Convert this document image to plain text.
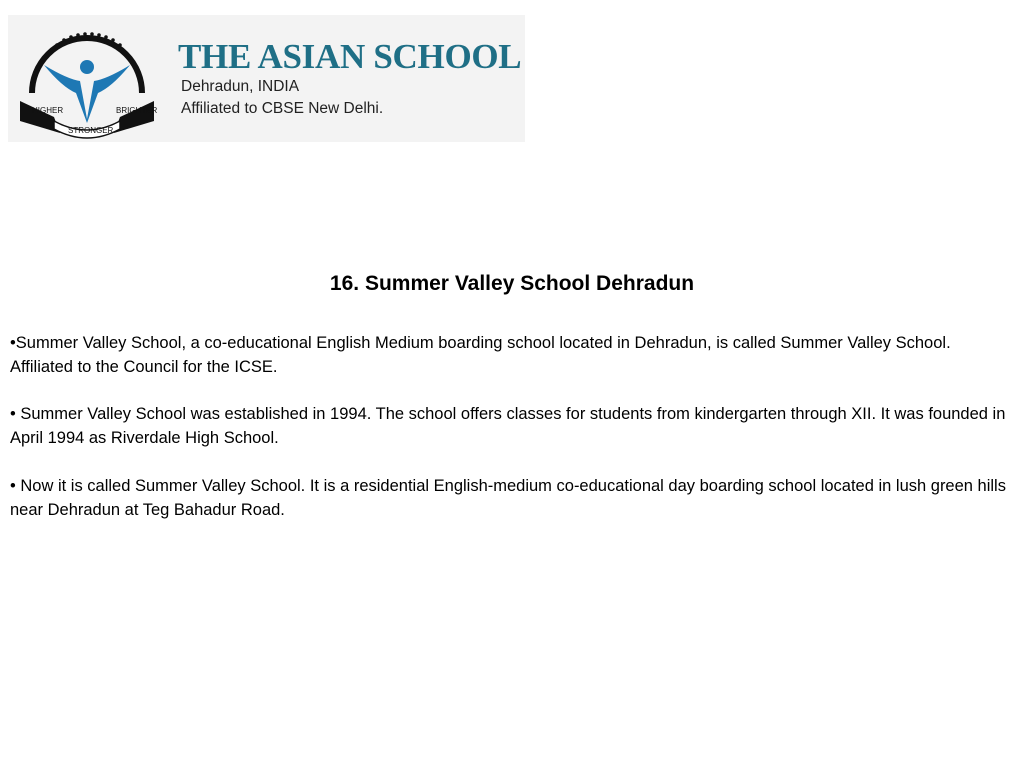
HIGHER
STRONGER
BRIGHTER
THE ASIAN SCHOOL
Dehradun, INDIA
Affiliated to CBSE New Delhi.
16. Summer Valley School Dehradun
•Summer Valley School, a co-educational English Medium boarding school located in Dehradun, is called Summer Valley School. Affiliated to the Council for the ICSE.
• Summer Valley School was established in 1994. The school offers classes for students from kindergarten through XII. It was founded in April 1994 as Riverdale High School.
• Now it is called Summer Valley School. It is a residential English-medium co-educational day boarding school located in lush green hills near Dehradun at Teg Bahadur Road.
